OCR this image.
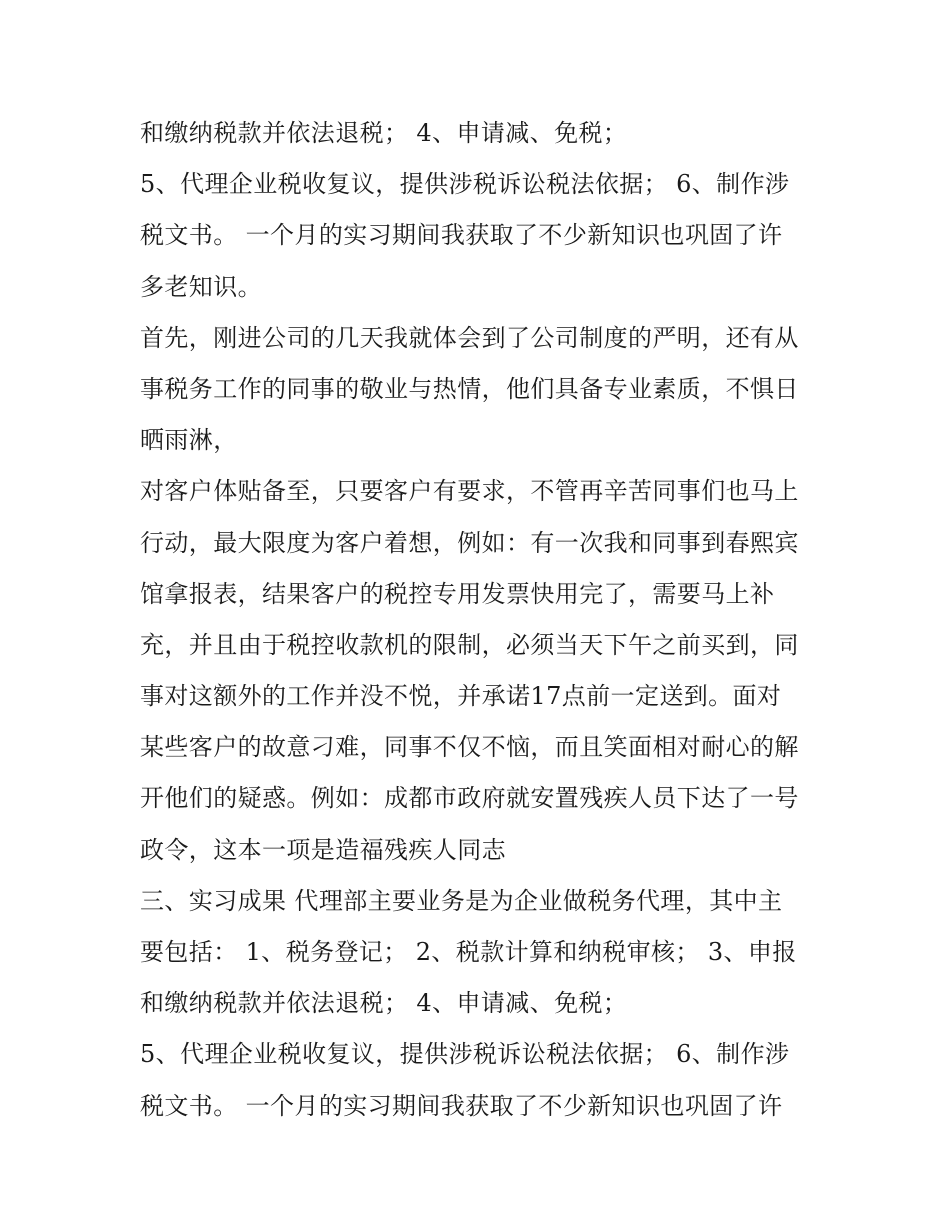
和缴纳税款并依法退税； 4、申请减、免税；
5、代理企业税收复议，提供涉税诉讼税法依据； 6、制作涉
税文书。 一个月的实习期间我获取了不少新知识也巩固了许
多老知识。
首先，刚进公司的几天我就体会到了公司制度的严明，还有从
事税务工作的同事的敬业与热情，他们具备专业素质，不惧日
晒雨淋，
对客户体贴备至，只要客户有要求，不管再辛苦同事们也马上
行动，最大限度为客户着想，例如：有一次我和同事到春熙宾
馆拿报表，结果客户的税控专用发票快用完了，需要马上补
充，并且由于税控收款机的限制，必须当天下午之前买到，同
事对这额外的工作并没不悦，并承诺17点前一定送到。面对
某些客户的故意刁难，同事不仅不恼，而且笑面相对耐心的解
开他们的疑惑。例如：成都市政府就安置残疾人员下达了一号
政令，这本一项是造福残疾人同志
三、实习成果 代理部主要业务是为企业做税务代理，其中主
要包括： 1、税务登记； 2、税款计算和纳税审核； 3、申报
和缴纳税款并依法退税； 4、申请减、免税；
5、代理企业税收复议，提供涉税诉讼税法依据； 6、制作涉
税文书。 一个月的实习期间我获取了不少新知识也巩固了许
